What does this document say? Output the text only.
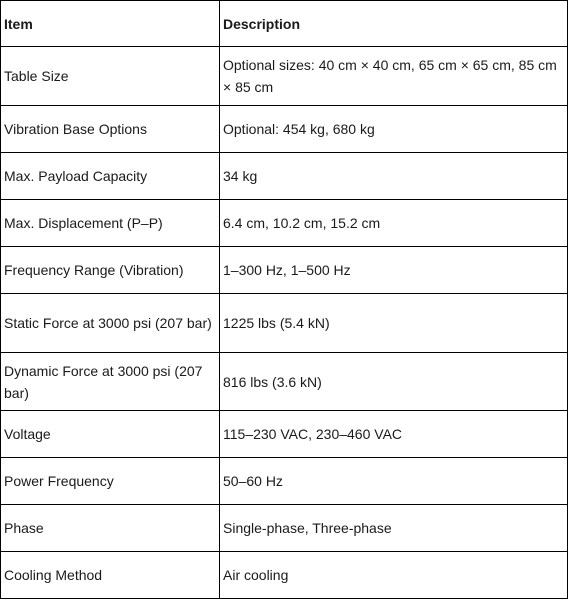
Item	Description
Table Size	Optional sizes: 40 cm × 40 cm, 65 cm × 65 cm, 85 cm × 85 cm
Vibration Base Options	Optional: 454 kg, 680 kg
Max. Payload Capacity	34 kg
Max. Displacement (P–P)	6.4 cm, 10.2 cm, 15.2 cm
Frequency Range (Vibration)	1–300 Hz, 1–500 Hz
Static Force at 3000 psi (207 bar)	1225 lbs (5.4 kN)
Dynamic Force at 3000 psi (207 bar)	816 lbs (3.6 kN)
Voltage	115–230 VAC, 230–460 VAC
Power Frequency	50–60 Hz
Phase	Single-phase, Three-phase
Cooling Method	Air cooling
